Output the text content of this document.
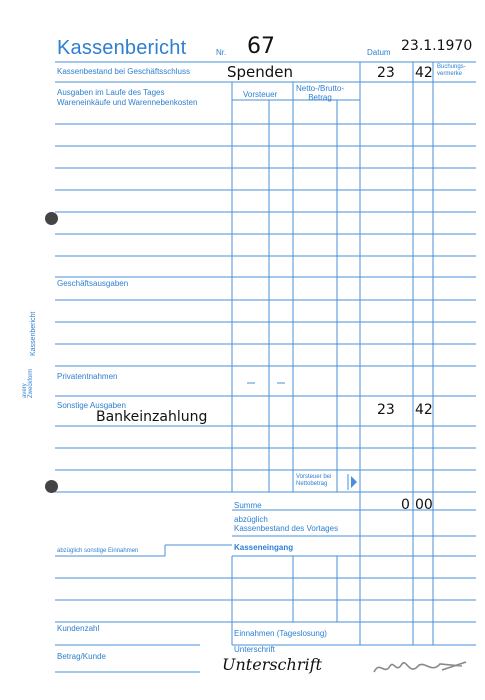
Kassenbericht	Nr. 67	Datum 23.1.1970
Kassenbestand bei Geschäftsschluss Spenden	23 42 Buchungs-
vermerke
Ausgaben im Laufe des Tages
Wareneinkäufe und Warennebenkosten
Vorsteuer
Netto-/Brutto-
Betrag
Geschäftsausgaben
Privatentnahmen
Sonstige Ausgaben
Bankeinzahlung	23 42
Vorsteuer bei
Nettobetrag
Summe	0 00
abzüglich
Kassenbestand des Vortages
abzüglich sonstige Einnahmen	Kasseneingang
Kundenzahl
Einnahmen (Tageslosung)
Betrag/Kunde
Unterschrift
Unterschrift
Kassenbericht
avery
Zweckform
